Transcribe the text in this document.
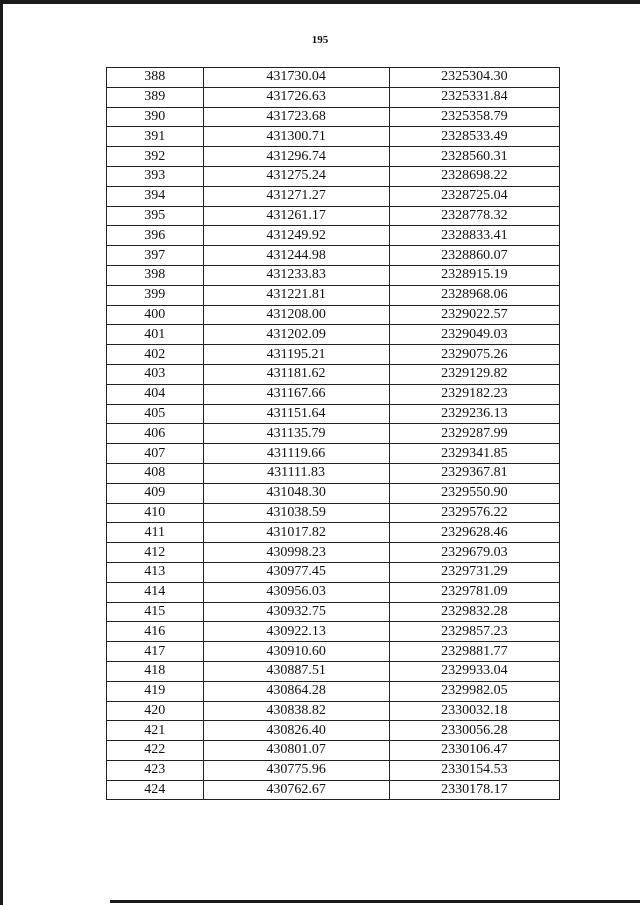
195
388	431730.04	2325304.30
389	431726.63	2325331.84
390	431723.68	2325358.79
391	431300.71	2328533.49
392	431296.74	2328560.31
393	431275.24	2328698.22
394	431271.27	2328725.04
395	431261.17	2328778.32
396	431249.92	2328833.41
397	431244.98	2328860.07
398	431233.83	2328915.19
399	431221.81	2328968.06
400	431208.00	2329022.57
401	431202.09	2329049.03
402	431195.21	2329075.26
403	431181.62	2329129.82
404	431167.66	2329182.23
405	431151.64	2329236.13
406	431135.79	2329287.99
407	431119.66	2329341.85
408	431111.83	2329367.81
409	431048.30	2329550.90
410	431038.59	2329576.22
411	431017.82	2329628.46
412	430998.23	2329679.03
413	430977.45	2329731.29
414	430956.03	2329781.09
415	430932.75	2329832.28
416	430922.13	2329857.23
417	430910.60	2329881.77
418	430887.51	2329933.04
419	430864.28	2329982.05
420	430838.82	2330032.18
421	430826.40	2330056.28
422	430801.07	2330106.47
423	430775.96	2330154.53
424	430762.67	2330178.17
